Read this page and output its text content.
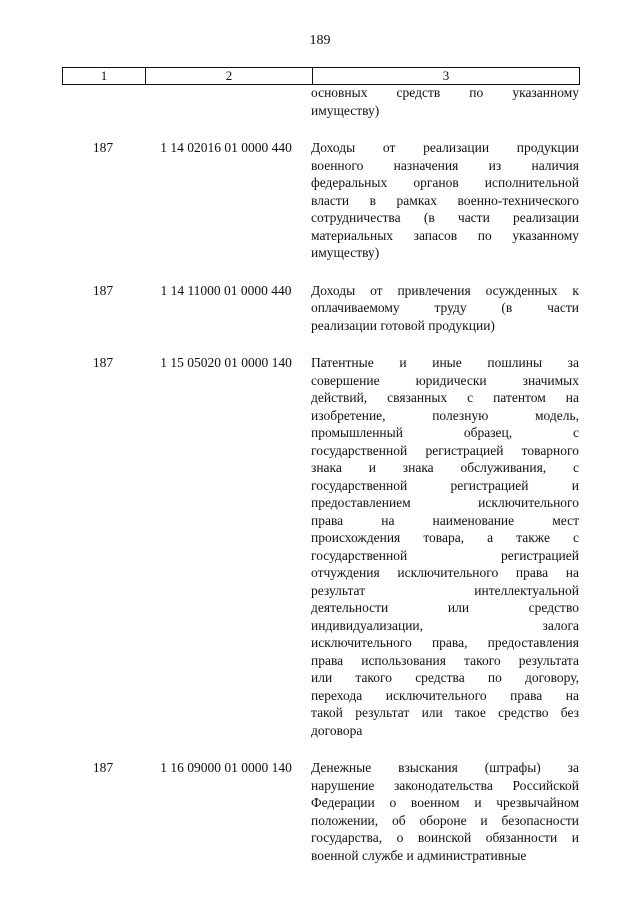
189
1	2	3
основных средств по указанному
имуществу)
187	1 14 02016 01 0000 440	Доходы от реализации продукции
военного назначения из наличия
федеральных органов исполнительной
власти в рамках военно-технического
сотрудничества (в части реализации
материальных запасов по указанному
имуществу)
187	1 14 11000 01 0000 440	Доходы от привлечения осужденных к
оплачиваемому труду (в части
реализации готовой продукции)
187	1 15 05020 01 0000 140	Патентные и иные пошлины за
совершение юридически значимых
действий, связанных с патентом на
изобретение, полезную модель,
промышленный образец, с
государственной регистрацией товарного
знака и знака обслуживания, с
государственной регистрацией и
предоставлением исключительного
права на наименование мест
происхождения товара, а также с
государственной регистрацией
отчуждения исключительного права на
результат интеллектуальной
деятельности или средство
индивидуализации, залога
исключительного права, предоставления
права использования такого результата
или такого средства по договору,
перехода исключительного права на
такой результат или такое средство без
договора
187	1 16 09000 01 0000 140	Денежные взыскания (штрафы) за
нарушение законодательства Российской
Федерации о военном и чрезвычайном
положении, об обороне и безопасности
государства, о воинской обязанности и
военной службе и административные
